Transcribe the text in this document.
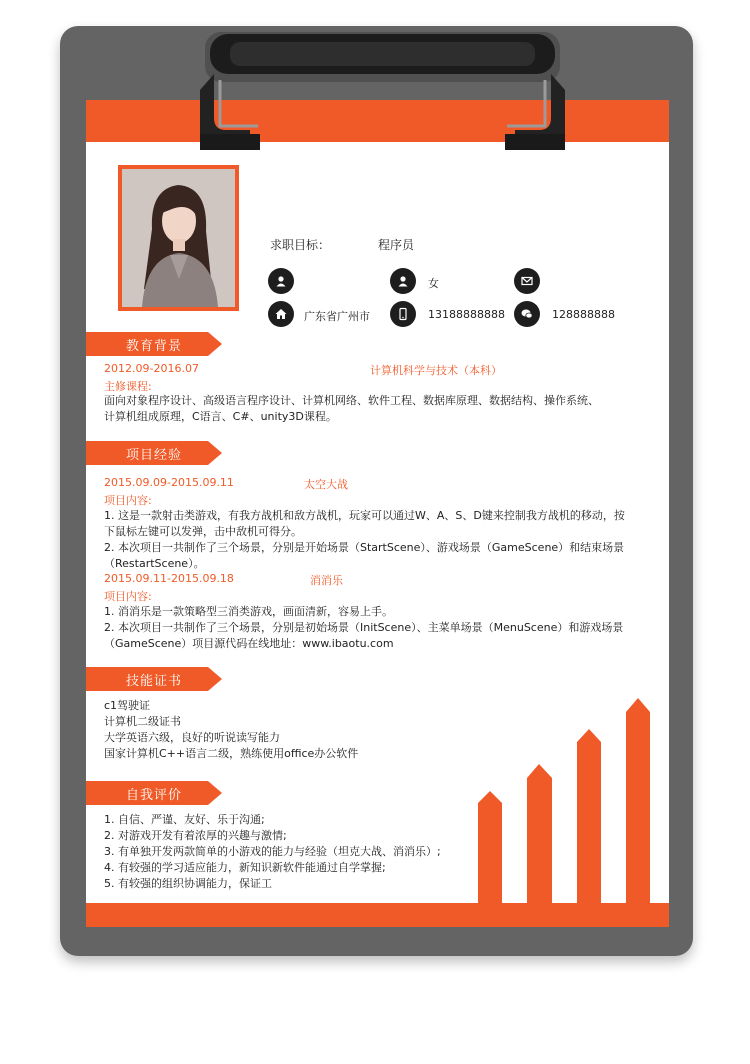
求职目标：	程序员
女
广东省广州市	13188888888	128888888
教育背景
2012.09-2016.07	计算机科学与技术（本科）
主修课程:
面向对象程序设计、高级语言程序设计、计算机网络、软件工程、数据库原理、数据结构、操作系统、
计算机组成原理，C语言、C#、unity3D课程。
项目经验
2015.09.09-2015.09.11	太空大战
项目内容:
1. 这是一款射击类游戏，有我方战机和敌方战机，玩家可以通过W、A、S、D键来控制我方战机的移动，按
下鼠标左键可以发弹，击中敌机可得分。
2. 本次项目一共制作了三个场景，分别是开始场景（StartScene）、游戏场景（GameScene）和结束场景
（RestartScene）。
2015.09.11-2015.09.18	消消乐
项目内容:
1. 消消乐是一款策略型三消类游戏，画面清新，容易上手。
2. 本次项目一共制作了三个场景，分别是初始场景（InitScene）、主菜单场景（MenuScene）和游戏场景
（GameScene）项目源代码在线地址：www.ibaotu.com
技能证书
c1驾驶证
计算机二级证书
大学英语六级，良好的听说读写能力
国家计算机C++语言二级，熟练使用office办公软件
自我评价
1. 自信、严谨、友好、乐于沟通;
2. 对游戏开发有着浓厚的兴趣与激情;
3. 有单独开发两款简单的小游戏的能力与经验（坦克大战、消消乐）;
4. 有较强的学习适应能力，新知识新软件能通过自学掌握;
5. 有较强的组织协调能力，保证工
